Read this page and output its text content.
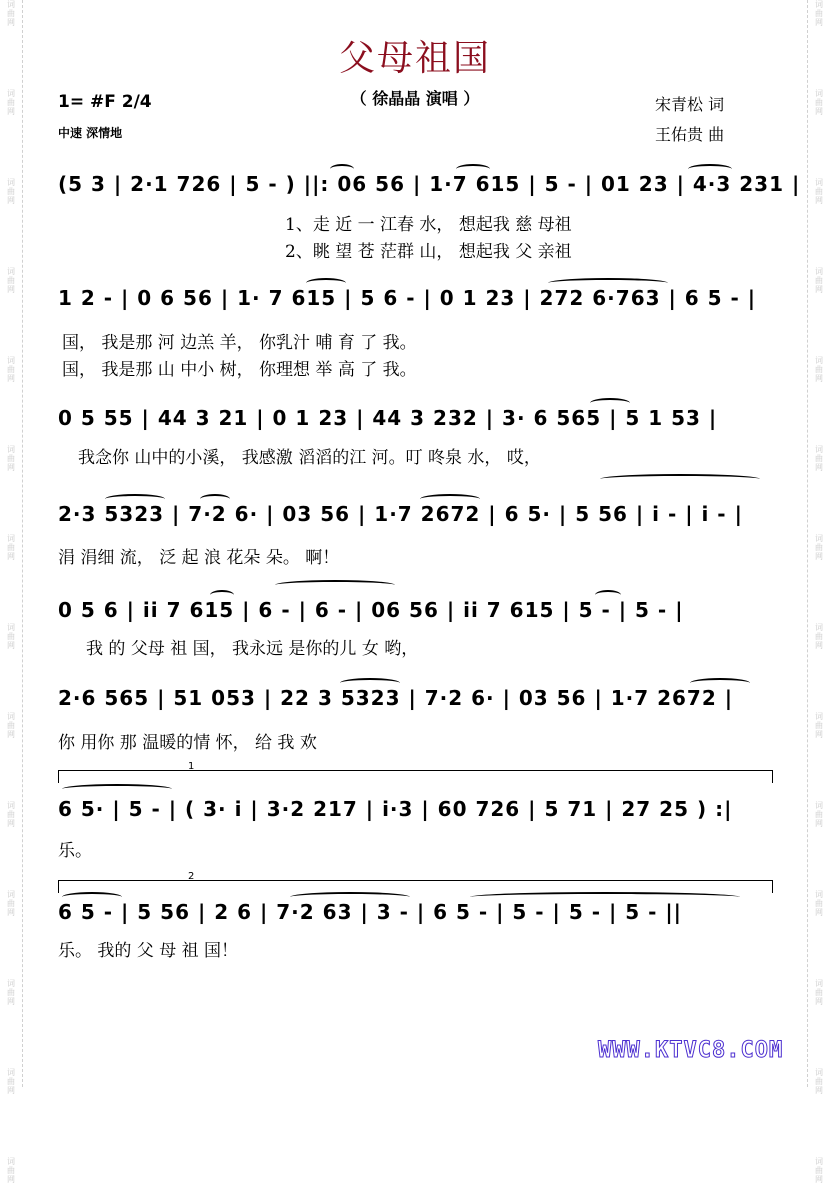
词
曲
网
词
曲
网
词
曲
网
词
曲
网
词
曲
网
词
曲
网
词
曲
网
词
曲
网
词
曲
网
词
曲
网
词
曲
网
词
曲
网
词
曲
网
词
曲
网
词
曲
网
词
曲
网
词
曲
网
词
曲
网
词
曲
网
词
曲
网
词
曲
网
词
曲
网
词
曲
网
词
曲
网
词
曲
网
词
曲
网
词
曲
网
词
曲
网
父母祖国
（ 徐晶晶 演唱 ）
1= #F 2/4
中速 深情地
宋青松 词
王佑贵 曲
(5 3 | 2·1 726 | 5 - ) ||: 06 56 | 1·7 615 | 5 - | 01 23 | 4·3 231 |
1、走 近 一 江春 水， 想起我 慈 母祖
2、眺 望 苍 茫群 山， 想起我 父 亲祖
1 2 - | 0 6 56 | 1· 7 615 | 5 6 - | 0 1 23 | 272 6·763 | 6 5 - |
国， 我是那 河 边羔 羊， 你乳汁 哺 育 了 我。
国， 我是那 山 中小 树， 你理想 举 高 了 我。
0 5 55 | 44 3 21 | 0 1 23 | 44 3 232 | 3· 6 565 | 5 1 53 |
我念你 山中的小溪， 我感激 滔滔的江 河。叮 咚泉 水， 哎，
2·3 5323 | 7·2 6· | 03 56 | 1·7 2672 | 6 5· | 5 56 | i - | i - |
涓 涓细 流， 泛 起 浪 花朵 朵。 啊！
0 5 6 | ii 7 615 | 6 - | 6 - | 06 56 | ii 7 615 | 5 - | 5 - |
我 的 父母 祖 国， 我永远 是你的儿 女 哟，
2·6 565 | 51 053 | 22 3 5323 | 7·2 6· | 03 56 | 1·7 2672 |
你 用你 那 温暖的情 怀， 给 我 欢
1
6 5· | 5 - | ( 3· i | 3·2 217 | i·3 | 60 726 | 5 71 | 27 25 ) :|
乐。
2
6 5 - | 5 56 | 2 6 | 7·2 63 | 3 - | 6 5 - | 5 - | 5 - | 5 - ||
乐。 我的 父 母 祖 国！
WWW.KTVC8.COM
